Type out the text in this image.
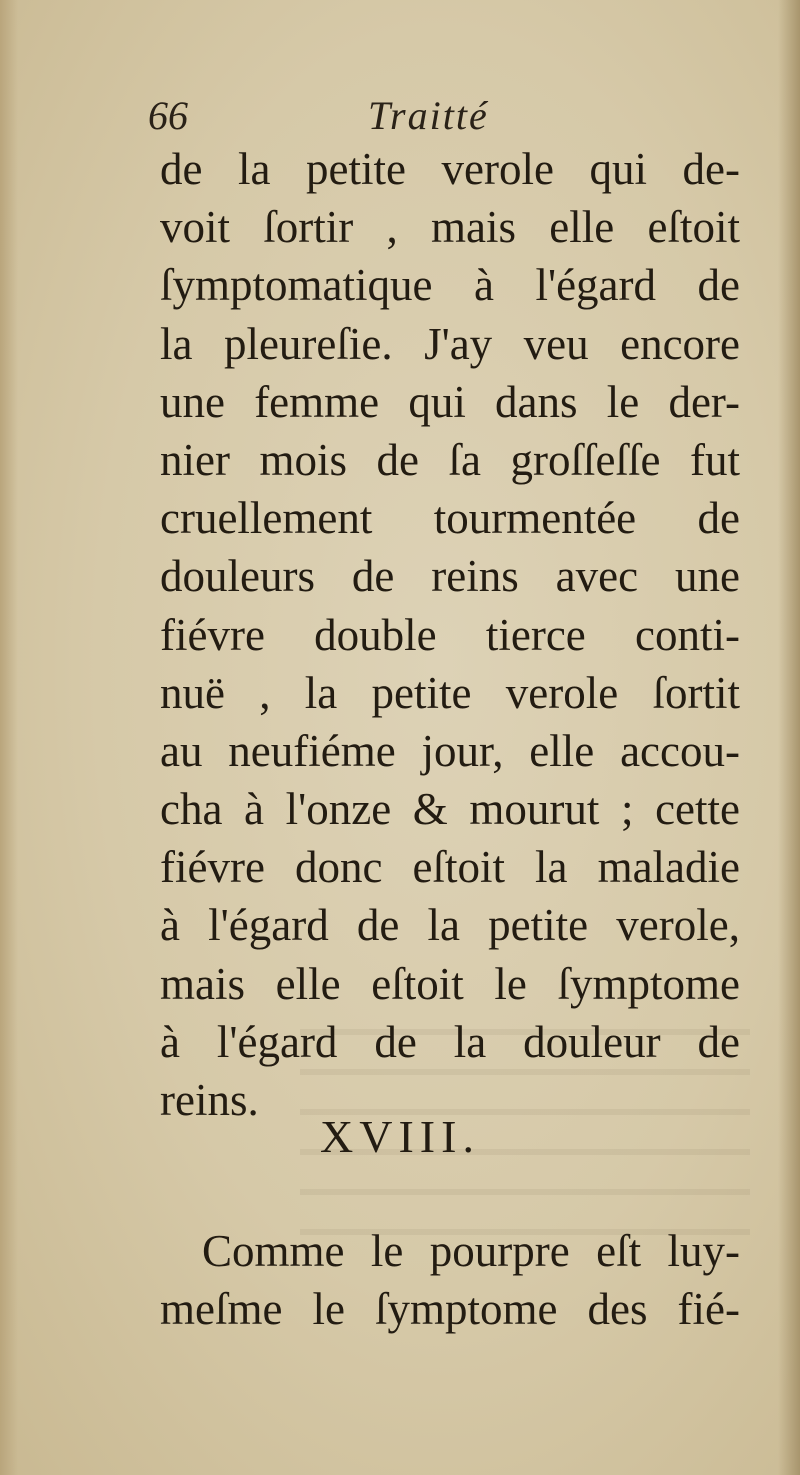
66	Traitté
de la petite verole qui de-
voit ſortir , mais elle eſtoit
ſymptomatique à l'égard de
la pleureſie. J'ay veu encore
une femme qui dans le der-
nier mois de ſa groſſeſſe fut
cruellement tourmentée de
douleurs de reins avec une
fiévre double tierce conti-
nuë , la petite verole ſortit
au neufiéme jour, elle accou-
cha à l'onze & mourut ; cette
fiévre donc eſtoit la maladie
à l'égard de la petite verole,
mais elle eſtoit le ſymptome
à l'égard de la douleur de
reins.
XVIII.
Comme le pourpre eſt luy-
meſme le ſymptome des fié-
